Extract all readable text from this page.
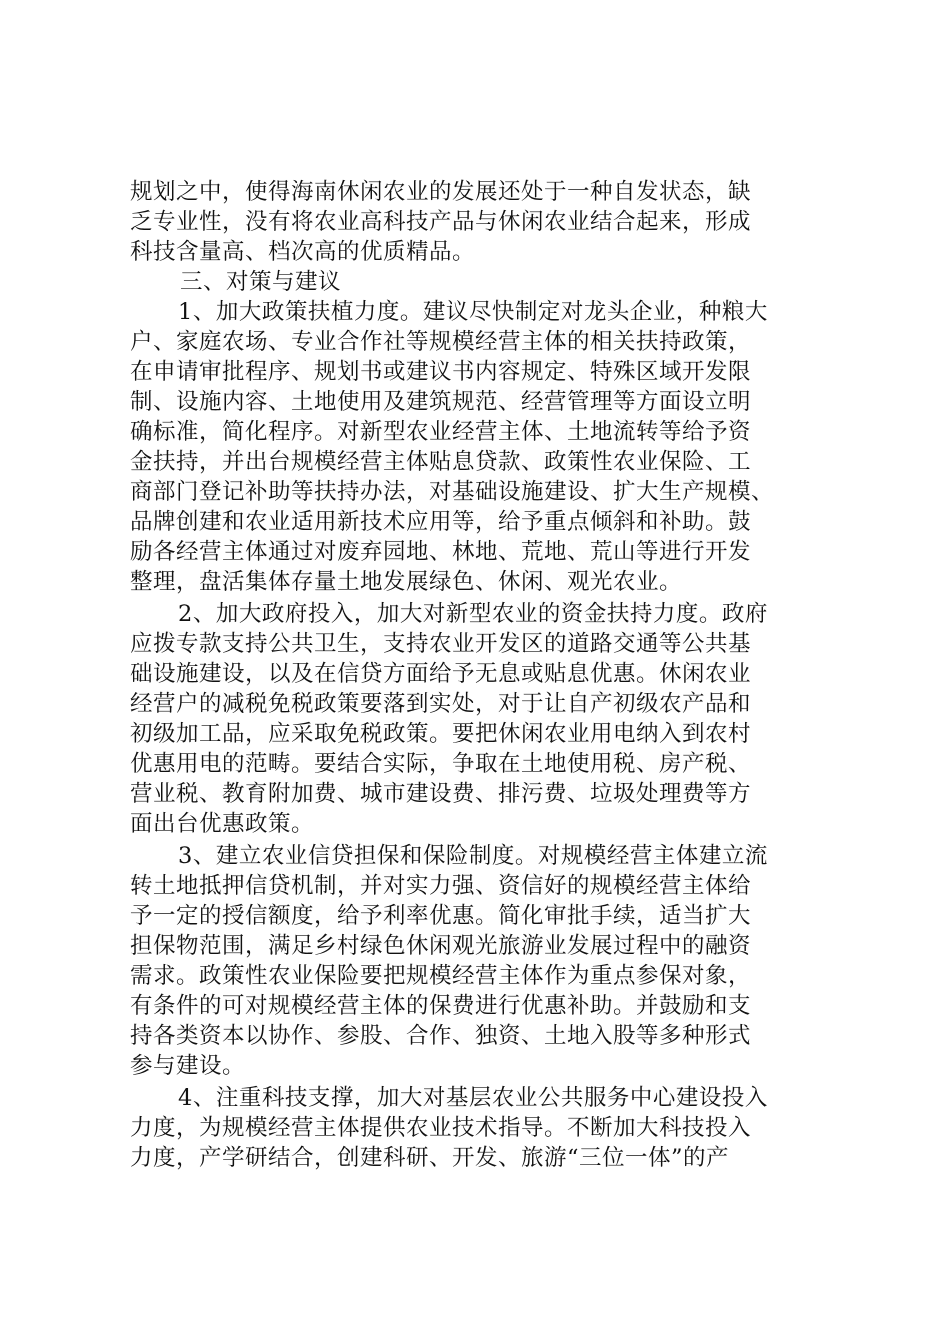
规划之中，使得海南休闲农业的发展还处于一种自发状态，缺
乏专业性，没有将农业高科技产品与休闲农业结合起来，形成
科技含量高、档次高的优质精品。
三、对策与建议
1、加大政策扶植力度。建议尽快制定对龙头企业，种粮大
户、家庭农场、专业合作社等规模经营主体的相关扶持政策，
在申请审批程序、规划书或建议书内容规定、特殊区域开发限
制、设施内容、土地使用及建筑规范、经营管理等方面设立明
确标准，简化程序。对新型农业经营主体、土地流转等给予资
金扶持，并出台规模经营主体贴息贷款、政策性农业保险、工
商部门登记补助等扶持办法，对基础设施建设、扩大生产规模、
品牌创建和农业适用新技术应用等，给予重点倾斜和补助。鼓
励各经营主体通过对废弃园地、林地、荒地、荒山等进行开发
整理，盘活集体存量土地发展绿色、休闲、观光农业。
2、加大政府投入，加大对新型农业的资金扶持力度。政府
应拨专款支持公共卫生，支持农业开发区的道路交通等公共基
础设施建设，以及在信贷方面给予无息或贴息优惠。休闲农业
经营户的减税免税政策要落到实处，对于让自产初级农产品和
初级加工品，应采取免税政策。要把休闲农业用电纳入到农村
优惠用电的范畴。要结合实际，争取在土地使用税、房产税、
营业税、教育附加费、城市建设费、排污费、垃圾处理费等方
面出台优惠政策。
3、建立农业信贷担保和保险制度。对规模经营主体建立流
转土地抵押信贷机制，并对实力强、资信好的规模经营主体给
予一定的授信额度，给予利率优惠。简化审批手续，适当扩大
担保物范围，满足乡村绿色休闲观光旅游业发展过程中的融资
需求。政策性农业保险要把规模经营主体作为重点参保对象，
有条件的可对规模经营主体的保费进行优惠补助。并鼓励和支
持各类资本以协作、参股、合作、独资、土地入股等多种形式
参与建设。
4、注重科技支撑，加大对基层农业公共服务中心建设投入
力度，为规模经营主体提供农业技术指导。不断加大科技投入
力度，产学研结合，创建科研、开发、旅游“三位一体”的产
